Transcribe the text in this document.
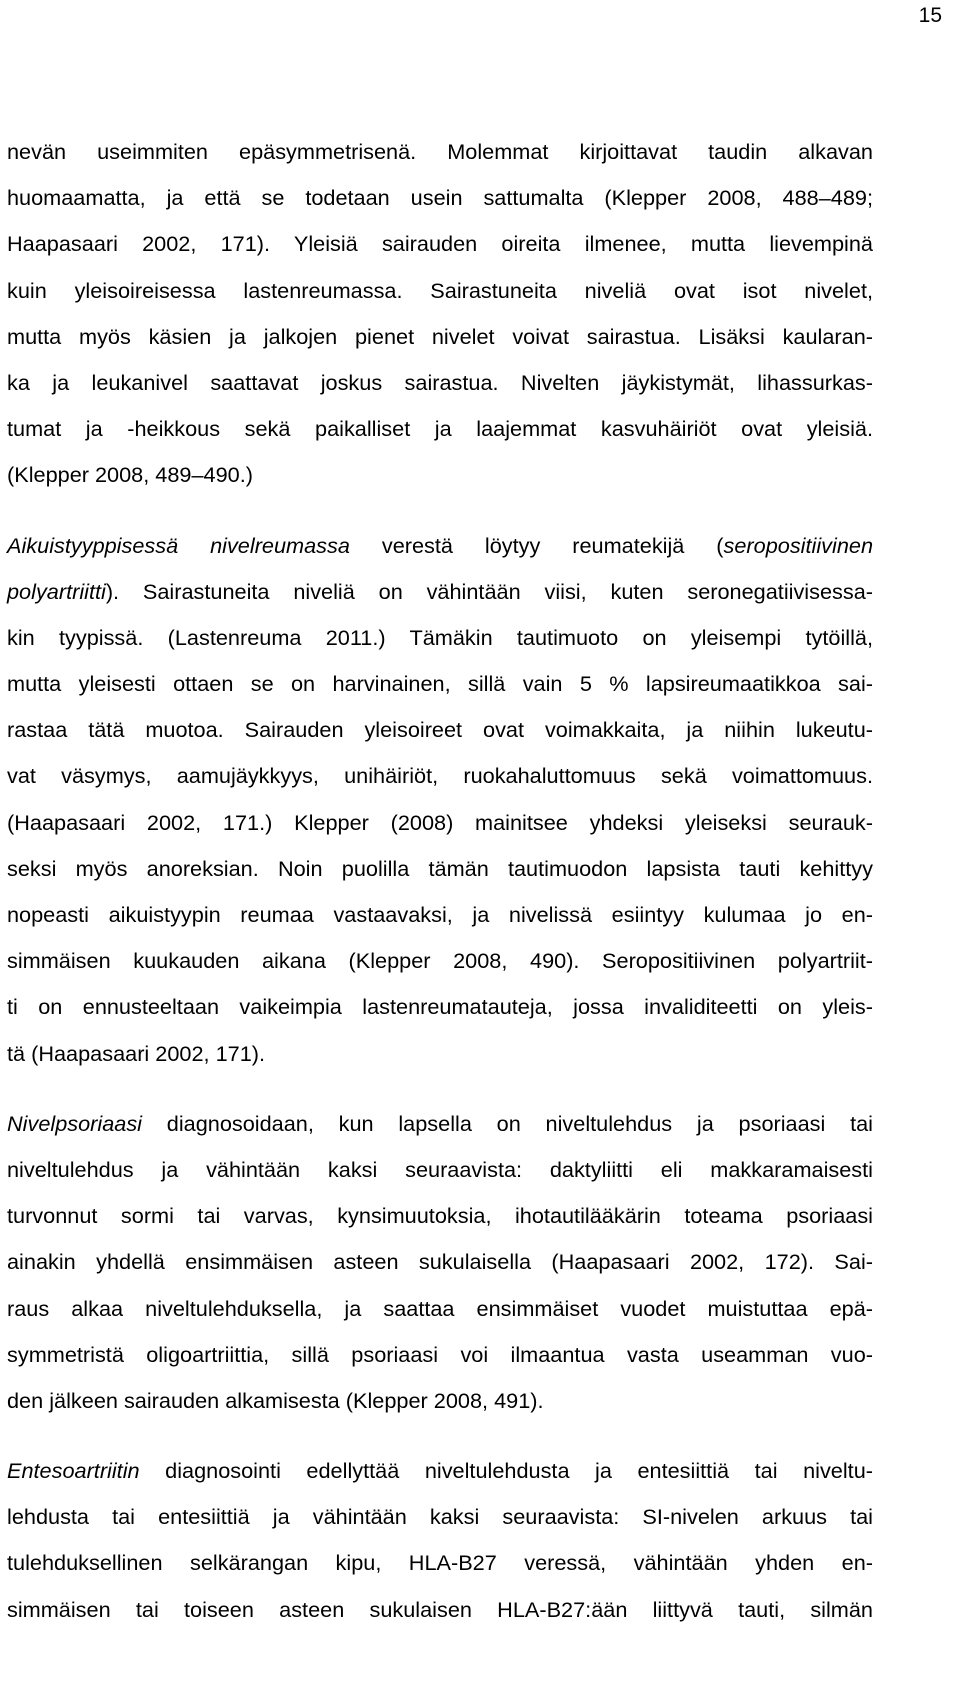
15
nevän useimmiten epäsymmetrisenä. Molemmat kirjoittavat taudin alkavan
huomaamatta, ja että se todetaan usein sattumalta (Klepper 2008, 488–489;
Haapasaari 2002, 171). Yleisiä sairauden oireita ilmenee, mutta lievempinä
kuin yleisoireisessa lastenreumassa. Sairastuneita niveliä ovat isot nivelet,
mutta myös käsien ja jalkojen pienet nivelet voivat sairastua. Lisäksi kaularan-
ka ja leukanivel saattavat joskus sairastua. Nivelten jäykistymät, lihassurkas-
tumat ja -heikkous sekä paikalliset ja laajemmat kasvuhäiriöt ovat yleisiä.
(Klepper 2008, 489–490.)
Aikuistyyppisessä nivelreumassa verestä löytyy reumatekijä (seropositiivinen
polyartriitti). Sairastuneita niveliä on vähintään viisi, kuten seronegatiivisessa-
kin tyypissä. (Lastenreuma 2011.) Tämäkin tautimuoto on yleisempi tytöillä,
mutta yleisesti ottaen se on harvinainen, sillä vain 5 % lapsireumaatikkoa sai-
rastaa tätä muotoa. Sairauden yleisoireet ovat voimakkaita, ja niihin lukeutu-
vat väsymys, aamujäykkyys, unihäiriöt, ruokahaluttomuus sekä voimattomuus.
(Haapasaari 2002, 171.) Klepper (2008) mainitsee yhdeksi yleiseksi seurauk-
seksi myös anoreksian. Noin puolilla tämän tautimuodon lapsista tauti kehittyy
nopeasti aikuistyypin reumaa vastaavaksi, ja nivelissä esiintyy kulumaa jo en-
simmäisen kuukauden aikana (Klepper 2008, 490). Seropositiivinen polyartriit-
ti on ennusteeltaan vaikeimpia lastenreumatauteja, jossa invaliditeetti on yleis-
tä (Haapasaari 2002, 171).
Nivelpsoriaasi diagnosoidaan, kun lapsella on niveltulehdus ja psoriaasi tai
niveltulehdus ja vähintään kaksi seuraavista: daktyliitti eli makkaramaisesti
turvonnut sormi tai varvas, kynsimuutoksia, ihotautilääkärin toteama psoriaasi
ainakin yhdellä ensimmäisen asteen sukulaisella (Haapasaari 2002, 172). Sai-
raus alkaa niveltulehduksella, ja saattaa ensimmäiset vuodet muistuttaa epä-
symmetristä oligoartriittia, sillä psoriaasi voi ilmaantua vasta useamman vuo-
den jälkeen sairauden alkamisesta (Klepper 2008, 491).
Entesoartriitin diagnosointi edellyttää niveltulehdusta ja entesiittiä tai niveltu-
lehdusta tai entesiittiä ja vähintään kaksi seuraavista: SI-nivelen arkuus tai
tulehduksellinen selkärangan kipu, HLA-B27 veressä, vähintään yhden en-
simmäisen tai toiseen asteen sukulaisen HLA-B27:ään liittyvä tauti, silmän
